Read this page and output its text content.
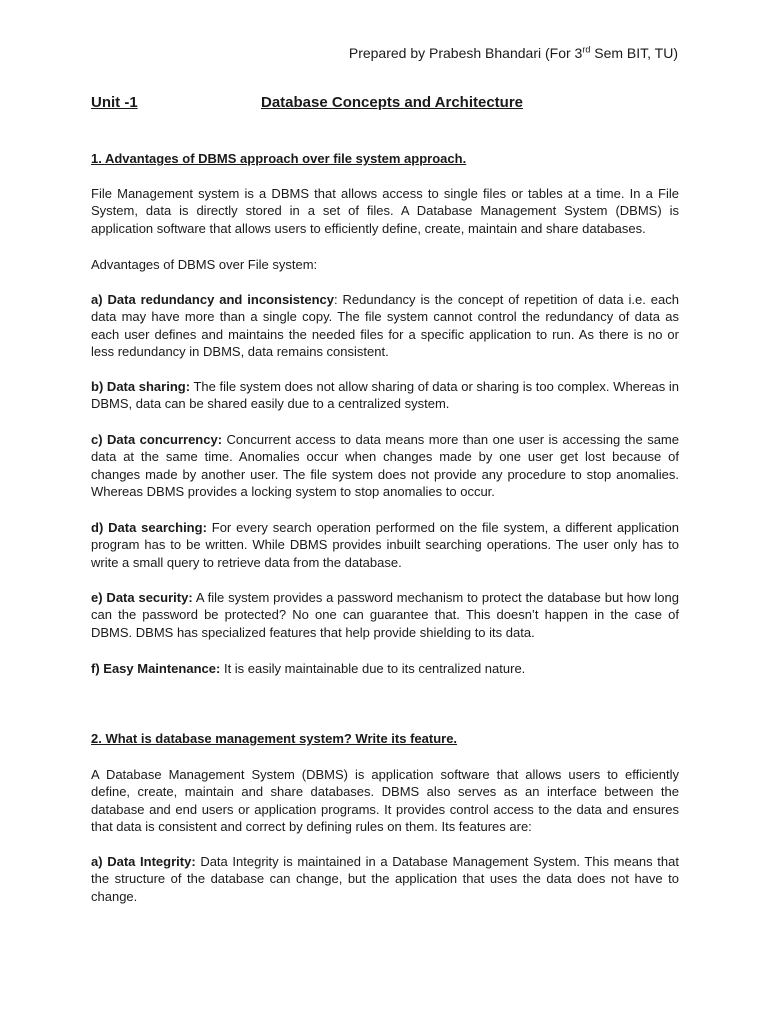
Prepared by Prabesh Bhandari (For 3rd Sem BIT, TU)
Unit -1	Database Concepts and Architecture

1. Advantages of DBMS approach over file system approach.

File Management system is a DBMS that allows access to single files or tables at a time. In a File System, data is directly stored in a set of files. A Database Management System (DBMS) is application software that allows users to efficiently define, create, maintain and share databases.

Advantages of DBMS over File system:

a) Data redundancy and inconsistency: Redundancy is the concept of repetition of data i.e. each data may have more than a single copy. The file system cannot control the redundancy of data as each user defines and maintains the needed files for a specific application to run. As there is no or less redundancy in DBMS, data remains consistent.

b) Data sharing: The file system does not allow sharing of data or sharing is too complex. Whereas in DBMS, data can be shared easily due to a centralized system.

c) Data concurrency: Concurrent access to data means more than one user is accessing the same data at the same time. Anomalies occur when changes made by one user get lost because of changes made by another user. The file system does not provide any procedure to stop anomalies. Whereas DBMS provides a locking system to stop anomalies to occur.

d) Data searching: For every search operation performed on the file system, a different application program has to be written. While DBMS provides inbuilt searching operations. The user only has to write a small query to retrieve data from the database.

e) Data security: A file system provides a password mechanism to protect the database but how long can the password be protected? No one can guarantee that. This doesn’t happen in the case of DBMS. DBMS has specialized features that help provide shielding to its data.

f) Easy Maintenance: It is easily maintainable due to its centralized nature.

2. What is database management system? Write its feature.

A Database Management System (DBMS) is application software that allows users to efficiently define, create, maintain and share databases. DBMS also serves as an interface between the database and end users or application programs. It provides control access to the data and ensures that data is consistent and correct by defining rules on them. Its features are:

a) Data Integrity: Data Integrity is maintained in a Database Management System. This means that the structure of the database can change, but the application that uses the data does not have to change.
